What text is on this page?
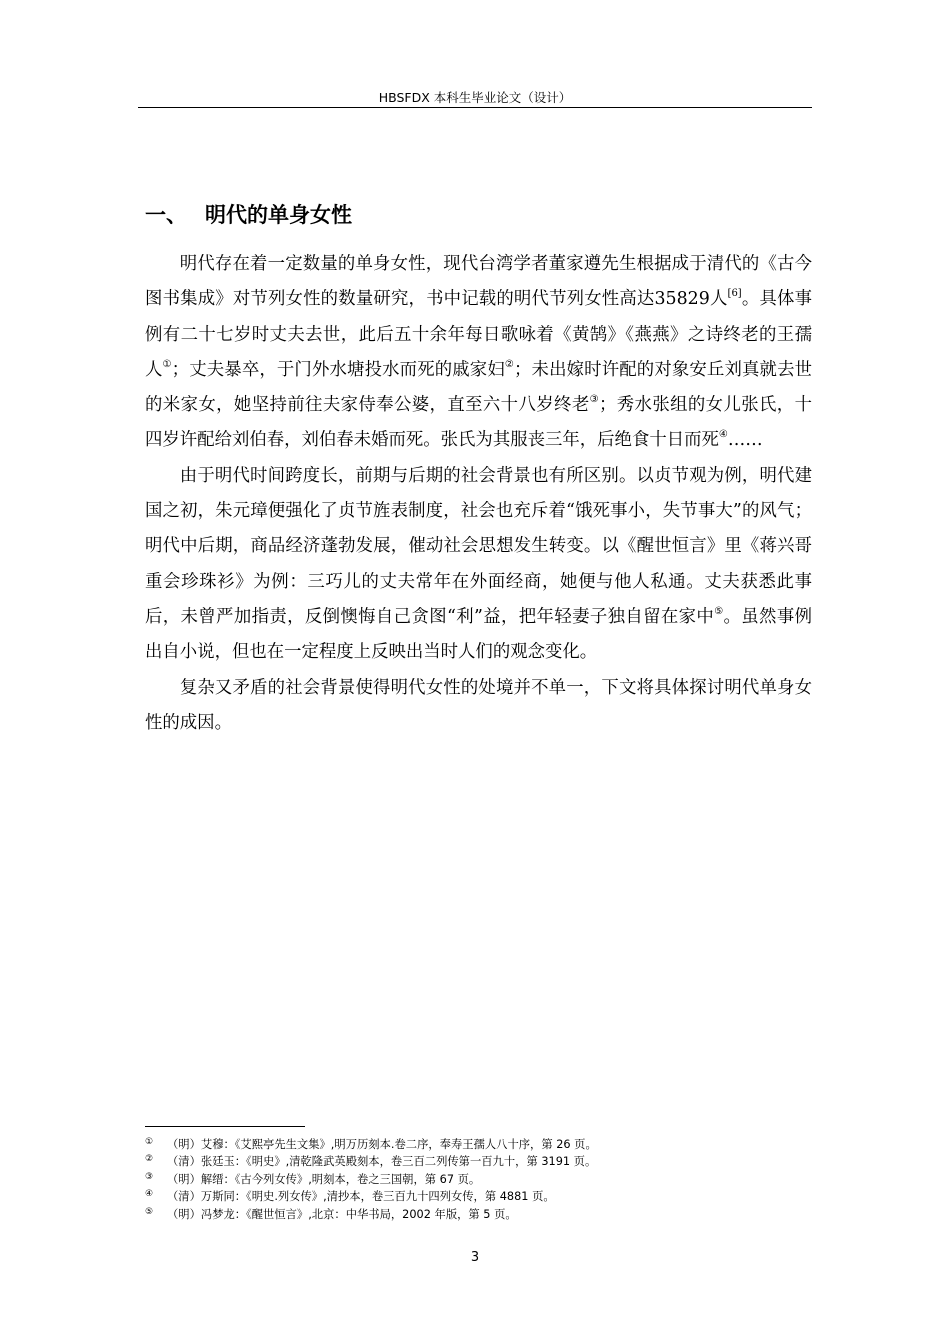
HBSFDX 本科生毕业论文（设计）
一、 明代的单身女性

明代存在着一定数量的单身女性，现代台湾学者董家遵先生根据成于清代的《古今图书集成》对节列女性的数量研究，书中记载的明代节列女性高达35829人[6]。具体事例有二十七岁时丈夫去世，此后五十余年每日歌咏着《黄鹄》《燕燕》之诗终老的王孺人①；丈夫暴卒，于门外水塘投水而死的戚家妇②；未出嫁时许配的对象安丘刘真就去世的米家女，她坚持前往夫家侍奉公婆，直至六十八岁终老③；秀水张组的女儿张氏，十四岁许配给刘伯春，刘伯春未婚而死。张氏为其服丧三年，后绝食十日而死④……

由于明代时间跨度长，前期与后期的社会背景也有所区别。以贞节观为例，明代建国之初，朱元璋便强化了贞节旌表制度，社会也充斥着“饿死事小，失节事大”的风气；明代中后期，商品经济蓬勃发展，催动社会思想发生转变。以《醒世恒言》里《蒋兴哥重会珍珠衫》为例：三巧儿的丈夫常年在外面经商，她便与他人私通。丈夫获悉此事后，未曾严加指责，反倒懊悔自己贪图“利”益，把年轻妻子独自留在家中⑤。虽然事例出自小说，但也在一定程度上反映出当时人们的观念变化。

复杂又矛盾的社会背景使得明代女性的处境并不单一，下文将具体探讨明代单身女性的成因。

①	（明）艾穆：《艾熙亭先生文集》,明万历刻本.卷二序，奉寿王孺人八十序，第 26 页。
②	（清）张廷玉：《明史》,清乾隆武英殿刻本，卷三百二列传第一百九十，第 3191 页。
③	（明）解缙：《古今列女传》,明刻本，卷之三国朝，第 67 页。
④	（清）万斯同：《明史.列女传》,清抄本，卷三百九十四列女传，第 4881 页。
⑤	（明）冯梦龙：《醒世恒言》,北京：中华书局，2002 年版，第 5 页。
3
